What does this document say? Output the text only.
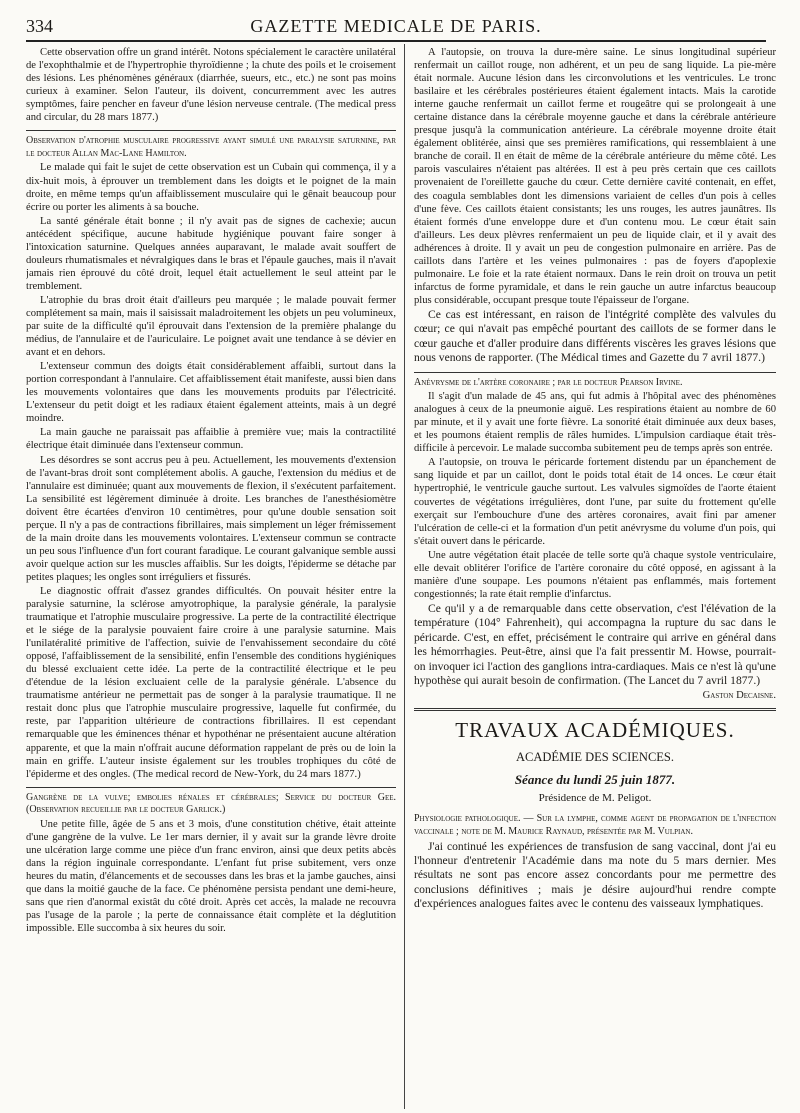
334	GAZETTE MEDICALE DE PARIS.

Cette observation offre un grand intérêt. Notons spécialement le caractère unilatéral de l'exophthalmie et de l'hypertrophie thyroïdienne ; la chute des poils et le croisement des lésions. Les phénomènes généraux (diarrhée, sueurs, etc., etc.) ne sont pas moins curieux à examiner. Selon l'auteur, ils doivent, concurremment avec les autres symptômes, faire pencher en faveur d'une lésion nerveuse centrale. (The medical press and circular, du 28 mars 1877.)

Observation d'atrophie musculaire progressive ayant simulé une paralysie saturnine, par le docteur Allan Mac-Lane Hamilton.

Le malade qui fait le sujet de cette observation est un Cubain qui commença, il y a dix-huit mois, à éprouver un tremblement dans les doigts et le poignet de la main droite, en même temps qu'un affaiblissement musculaire qui le gênait beaucoup pour écrire ou porter les aliments à sa bouche.

La santé générale était bonne ; il n'y avait pas de signes de cachexie; aucun antécédent spécifique, aucune habitude hygiénique pouvant faire songer à l'intoxication saturnine. Quelques années auparavant, le malade avait souffert de douleurs rhumatismales et névralgiques dans le bras et l'épaule gauches, mais il n'avait jamais rien éprouvé du côté droit, lequel était actuellement le seul atteint par le tremblement.

L'atrophie du bras droit était d'ailleurs peu marquée ; le malade pouvait fermer complétement sa main, mais il saisissait maladroitement les objets un peu volumineux, par suite de la difficulté qu'il éprouvait dans l'extension de la première phalange du médius, de l'annulaire et de l'auriculaire. Le poignet avait une tendance à se dévier en avant et en dehors.

L'extenseur commun des doigts était considérablement affaibli, surtout dans la portion correspondant à l'annulaire. Cet affaiblissement était manifeste, aussi bien dans les mouvements volontaires que dans les mouvements produits par l'électricité. L'extenseur du petit doigt et les radiaux étaient également atteints, mais à un degré moindre.

La main gauche ne paraissait pas affaiblie à première vue; mais la contractilité électrique était diminuée dans l'extenseur commun.

Les désordres se sont accrus peu à peu. Actuellement, les mouvements d'extension de l'avant-bras droit sont complétement abolis. A gauche, l'extension du médius et de l'annulaire est diminuée; quant aux mouvements de flexion, il s'exécutent parfaitement. La sensibilité est légèrement diminuée à droite. Les branches de l'anesthésiomètre doivent être écartées d'environ 10 centimètres, pour qu'une double sensation soit perçue. Il n'y a pas de contractions fibrillaires, mais simplement un léger frémissement de la main droite dans les mouvements volontaires. L'extenseur commun se contracte un peu sous l'influence d'un fort courant faradique. Le courant galvanique semble aussi avoir quelque action sur les muscles affaiblis. Sur les doigts, l'épiderme se détache par petites plaques; les ongles sont irréguliers et fissurés.

Le diagnostic offrait d'assez grandes difficultés. On pouvait hésiter entre la paralysie saturnine, la sclérose amyotrophique, la paralysie générale, la paralysie traumatique et l'atrophie musculaire progressive. La perte de la contractilité électrique et le siége de la paralysie pouvaient faire croire à une paralysie saturnine. Mais l'unilatéralité primitive de l'affection, suivie de l'envahissement secondaire du côté opposé, l'affaiblissement de la sensibilité, enfin l'ensemble des conditions hygiéniques du blessé excluaient cette idée. La perte de la contractilité électrique et le peu d'étendue de la lésion excluaient celle de la paralysie générale. L'absence du traumatisme antérieur ne permettait pas de songer à la paralysie traumatique. Il ne restait donc plus que l'atrophie musculaire progressive, laquelle fut confirmée, du reste, par l'apparition ultérieure de contractions fibrillaires. Il est cependant remarquable que les éminences thénar et hypothénar ne présentaient aucune altération apparente, et que la main n'offrait aucune déformation rappelant de près ou de loin la main en griffe. L'auteur insiste également sur les troubles trophiques du côté de l'épiderme et des ongles. (The medical record de New-York, du 24 mars 1877.)

Gangrène de la vulve; embolies rénales et cérébrales; Service du docteur Gee. (Observation recueillie par le docteur Garlick.)

Une petite fille, âgée de 5 ans et 3 mois, d'une constitution chétive, était atteinte d'une gangrène de la vulve. Le 1er mars dernier, il y avait sur la grande lèvre droite une ulcération large comme une pièce d'un franc environ, ainsi que deux petits abcès dans la région inguinale correspondante. L'enfant fut prise subitement, vers onze heures du matin, d'élancements et de secousses dans les bras et la jambe gauches, ainsi que dans la moitié gauche de la face. Ce phénomène persista pendant une demi-heure, sans que rien d'anormal existât du côté droit. Après cet accès, la malade ne recouvra pas l'usage de la parole ; la perte de connaissance était complète et la déglutition impossible. Elle succomba à six heures du soir.

A l'autopsie, on trouva la dure-mère saine. Le sinus longitudinal supérieur renfermait un caillot rouge, non adhérent, et un peu de sang liquide. La pie-mère était normale. Aucune lésion dans les circonvolutions et les ventricules. Le tronc basilaire et les cérébrales postérieures étaient également intacts. Mais la carotide interne gauche renfermait un caillot ferme et rougeâtre qui se prolongeait à une certaine distance dans la cérébrale moyenne gauche et dans la cérébrale antérieure presque jusqu'à la communication antérieure. La cérébrale moyenne droite était également oblitérée, ainsi que ses premières ramifications, qui ressemblaient à une branche de corail. Il en était de même de la cérébrale antérieure du même côté. Les parois vasculaires n'étaient pas altérées. Il est à peu près certain que ces caillots provenaient de l'oreillette gauche du cœur. Cette dernière cavité contenait, en effet, des coagula semblables dont les dimensions variaient de celles d'un pois à celles d'une fève. Ces caillots étaient consistants; les uns rouges, les autres jaunâtres. Ils étaient formés d'une enveloppe dure et d'un contenu mou. Le cœur était sain d'ailleurs. Les deux plèvres renfermaient un peu de liquide clair, et il y avait des adhérences à droite. Il y avait un peu de congestion pulmonaire en arrière. Pas de caillots dans l'artère et les veines pulmonaires : pas de foyers d'apoplexie pulmonaire. Le foie et la rate étaient normaux. Dans le rein droit on trouva un petit infarctus de forme pyramidale, et dans le rein gauche un autre infarctus beaucoup plus considérable, occupant presque toute l'épaisseur de l'organe.

Ce cas est intéressant, en raison de l'intégrité complète des valvules du cœur; ce qui n'avait pas empêché pourtant des caillots de se former dans le cœur gauche et d'aller produire dans différents viscères les graves lésions que nous venons de rapporter. (The Médical times and Gazette du 7 avril 1877.)

Anévrysme de l'artère coronaire ; par le docteur Pearson Irvine.

Il s'agit d'un malade de 45 ans, qui fut admis à l'hôpital avec des phénomènes analogues à ceux de la pneumonie aiguë. Les respirations étaient au nombre de 60 par minute, et il y avait une forte fièvre. La sonorité était diminuée aux deux bases, et les poumons étaient remplis de râles humides. L'impulsion cardiaque était très-difficile à percevoir. Le malade succomba subitement peu de temps après son entrée.

A l'autopsie, on trouva le péricarde fortement distendu par un épanchement de sang liquide et par un caillot, dont le poids total était de 14 onces. Le cœur était hypertrophié, le ventricule gauche surtout. Les valvules sigmoïdes de l'aorte étaient couvertes de végétations irrégulières, dont l'une, par suite du frottement qu'elle exerçait sur l'embouchure d'une des artères coronaires, avait fini par amener l'ulcération de celle-ci et la formation d'un petit anévrysme du volume d'un pois, qui s'était ouvert dans le péricarde.

Une autre végétation était placée de telle sorte qu'à chaque systole ventriculaire, elle devait oblitérer l'orifice de l'artère coronaire du côté opposé, en agissant à la manière d'une soupape. Les poumons n'étaient pas enflammés, mais fortement congestionnés; la rate était remplie d'infarctus.

Ce qu'il y a de remarquable dans cette observation, c'est l'élévation de la température (104° Fahrenheit), qui accompagna la rupture du sac dans le péricarde. C'est, en effet, précisément le contraire qui arrive en général dans les hémorrhagies. Peut-être, ainsi que l'a fait pressentir M. Howse, pourrait-on invoquer ici l'action des ganglions intra-cardiaques. Mais ce n'est là qu'une hypothèse qui aurait besoin de confirmation. (The Lancet du 7 avril 1877.)

Gaston Decaisne.

TRAVAUX ACADÉMIQUES.
ACADÉMIE DES SCIENCES.
Séance du lundi 25 juin 1877.
Présidence de M. Peligot.

Physiologie pathologique. — Sur la lymphe, comme agent de propagation de l'infection vaccinale ; note de M. Maurice Raynaud, présentée par M. Vulpian.

J'ai continué les expériences de transfusion de sang vaccinal, dont j'ai eu l'honneur d'entretenir l'Académie dans ma note du 5 mars dernier. Mes résultats ne sont pas encore assez concordants pour me permettre des conclusions définitives ; mais je désire aujourd'hui rendre compte d'expériences analogues faites avec le contenu des vaisseaux lymphatiques.
